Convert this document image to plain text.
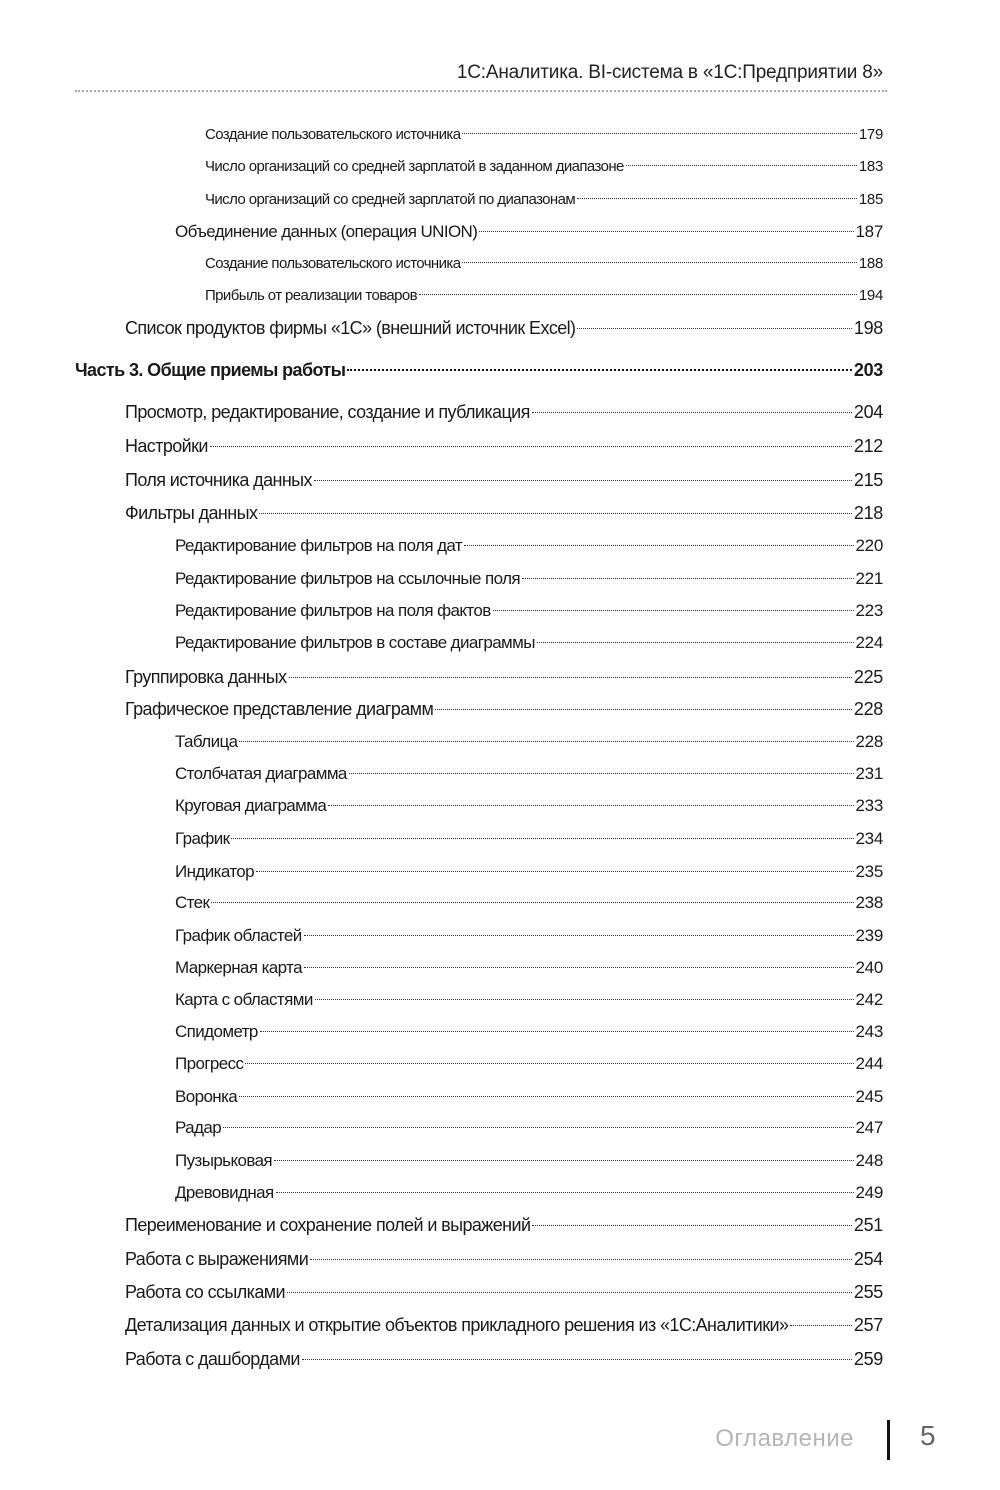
1С:Аналитика. BI-система в «1С:Предприятии 8»
Создание пользовательского источника	179
Число организаций со средней зарплатой в заданном диапазоне	183
Число организаций со средней зарплатой по диапазонам	185
Объединение данных (операция UNION)	187
Создание пользовательского источника	188
Прибыль от реализации товаров	194
Список продуктов фирмы «1С» (внешний источник Excel)	198
Часть 3. Общие приемы работы	203
Просмотр, редактирование, создание и публикация	204
Настройки	212
Поля источника данных	215
Фильтры данных	218
Редактирование фильтров на поля дат	220
Редактирование фильтров на ссылочные поля	221
Редактирование фильтров на поля фактов	223
Редактирование фильтров в составе диаграммы	224
Группировка данных	225
Графическое представление диаграмм	228
Таблица	228
Столбчатая диаграмма	231
Круговая диаграмма	233
График	234
Индикатор	235
Стек	238
График областей	239
Маркерная карта	240
Карта с областями	242
Спидометр	243
Прогресс	244
Воронка	245
Радар	247
Пузырьковая	248
Древовидная	249
Переименование и сохранение полей и выражений	251
Работа с выражениями	254
Работа со ссылками	255
Детализация данных и открытие объектов прикладного решения из «1С:Аналитики»	257
Работа с дашбордами	259
Оглавление 5
